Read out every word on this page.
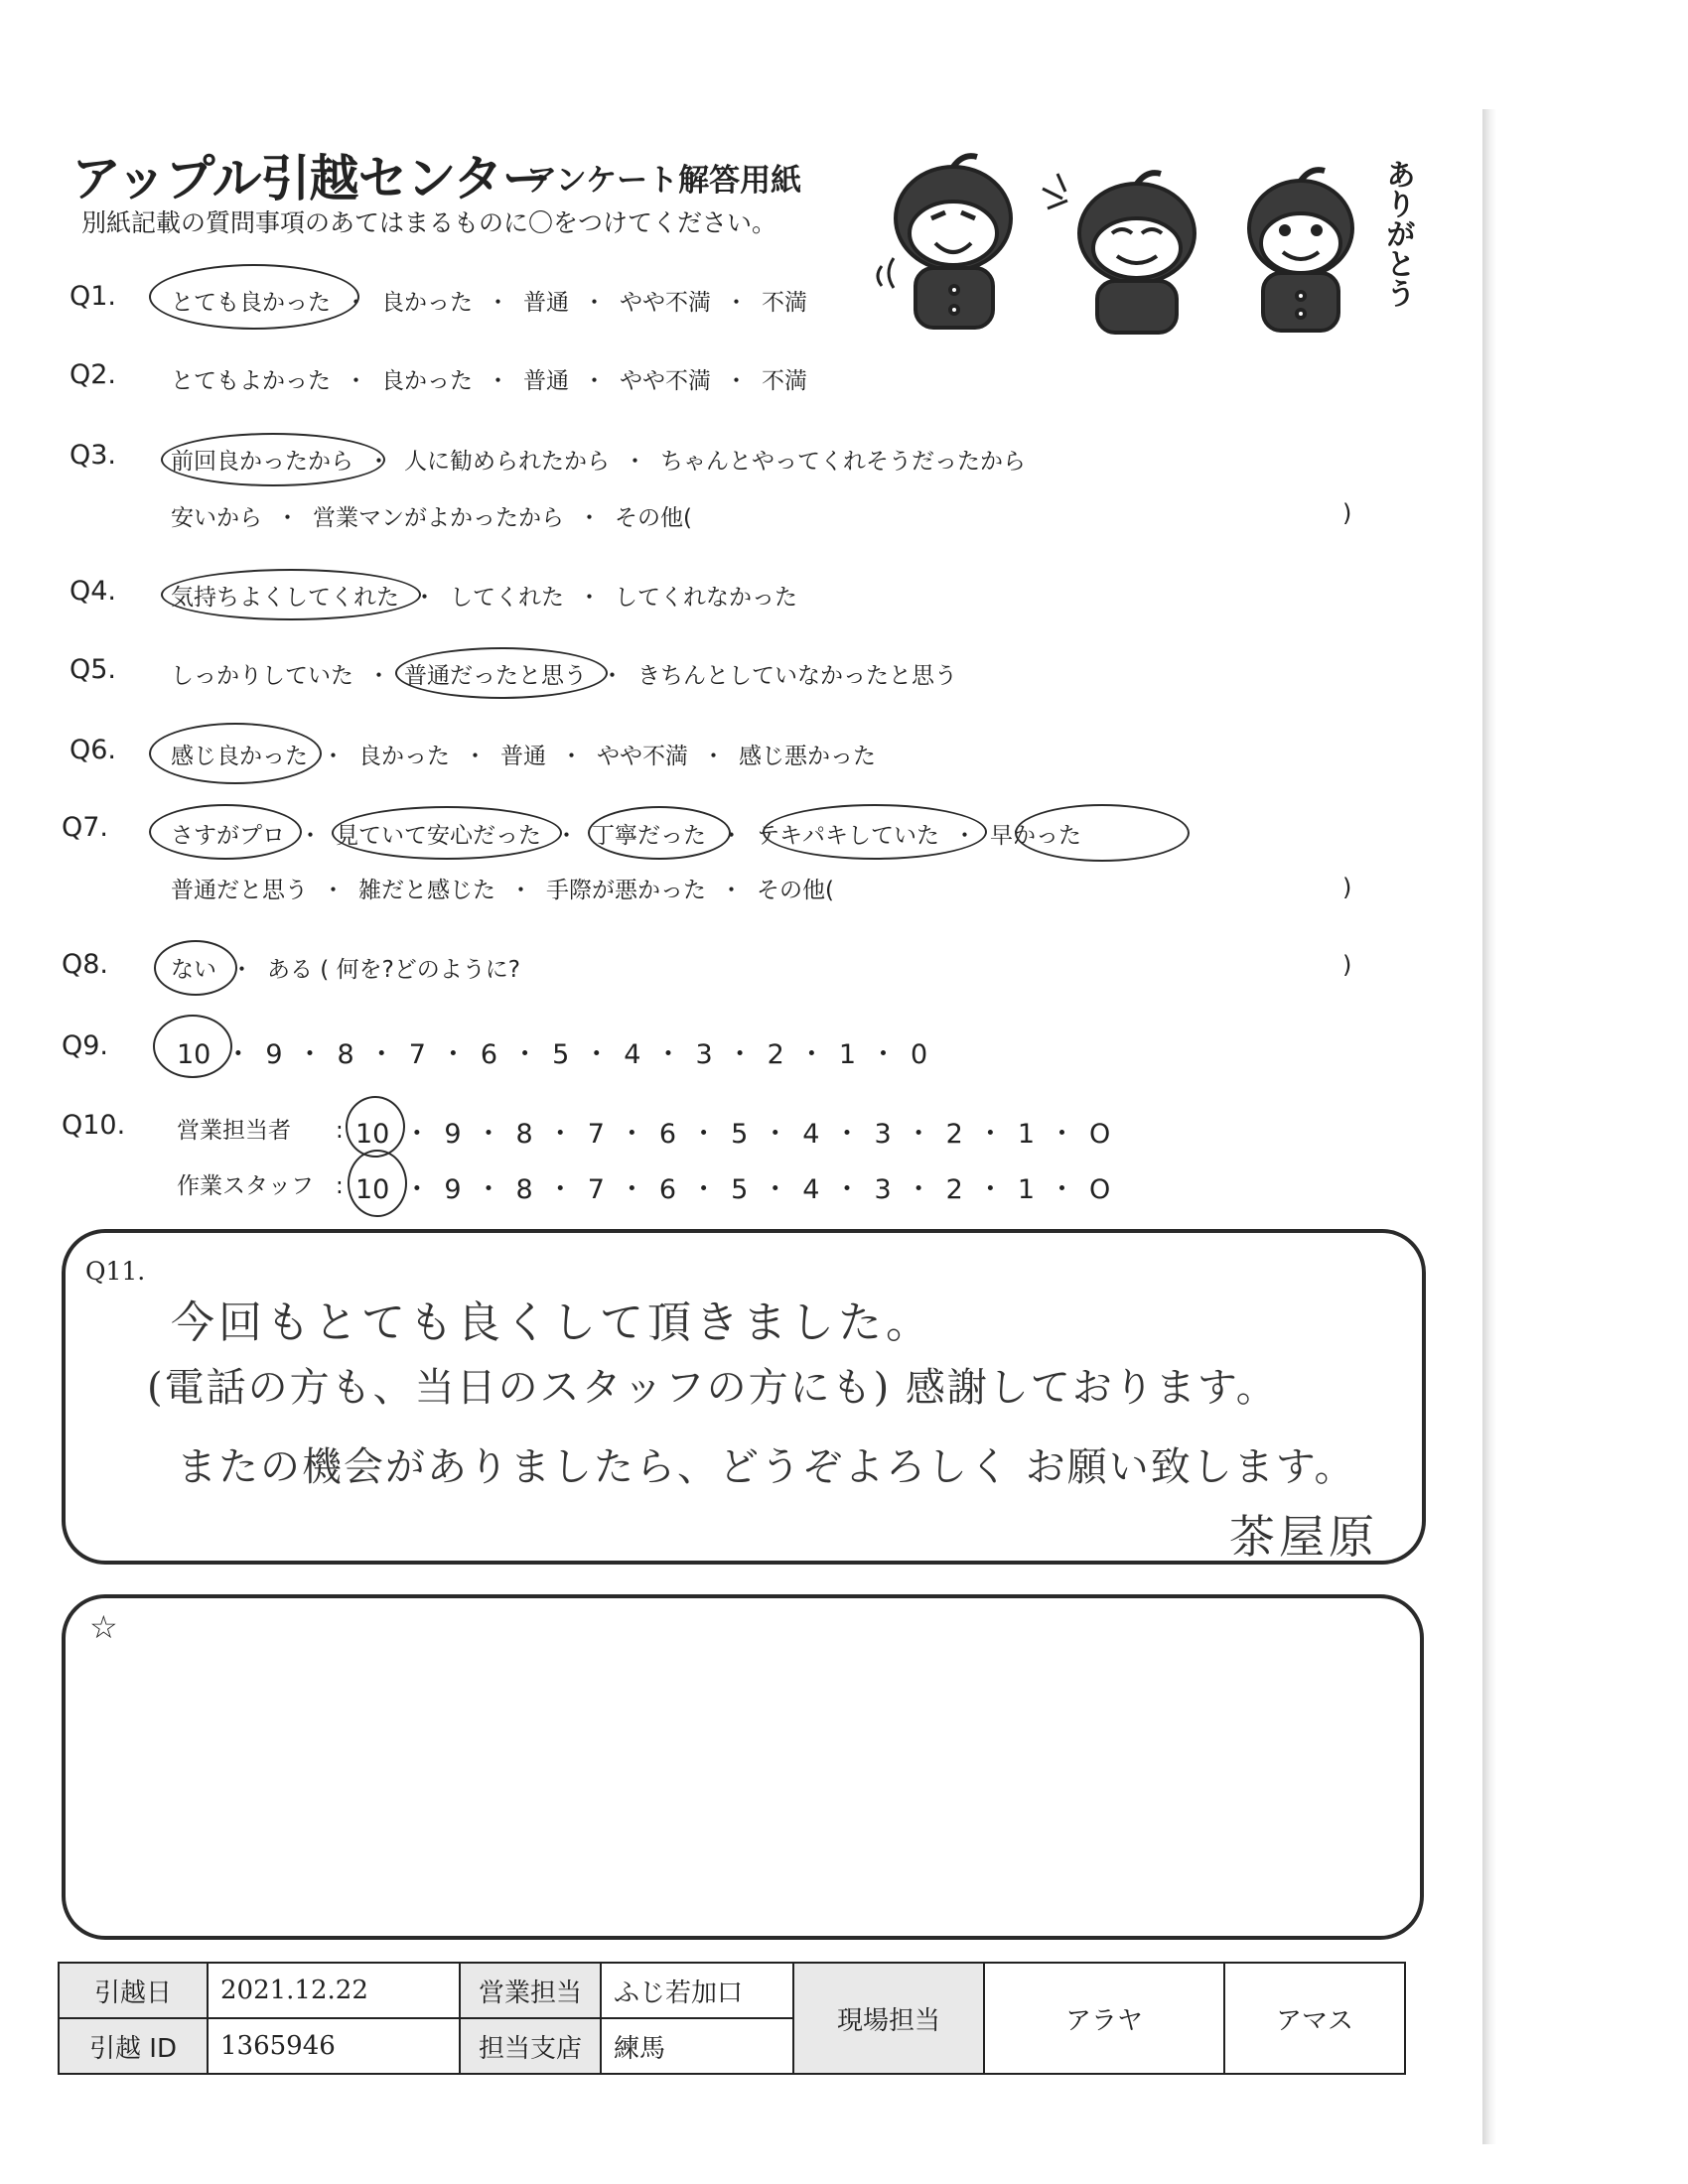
アップル引越センター
アンケート解答用紙
別紙記載の質問事項のあてはまるものに〇をつけてください。	ありがとう
Q1. とても良かった ・ 良かった ・ 普通 ・ やや不満 ・ 不満
Q2. とてもよかった ・ 良かった ・ 普通 ・ やや不満 ・ 不満
Q3. 前回良かったから ・ 人に勧められたから ・ ちゃんとやってくれそうだったから
安いから ・ 営業マンがよかったから ・ その他(	)
Q4. 気持ちよくしてくれた ・ してくれた ・ してくれなかった
Q5. しっかりしていた ・ 普通だったと思う ・ きちんとしていなかったと思う
Q6. 感じ良かった ・ 良かった ・ 普通 ・ やや不満 ・ 感じ悪かった
Q7.	さすがプロ ・ 見ていて安心だった ・ 丁寧だった ・ テキパキしていた ・ 早かった
普通だと思う ・ 雑だと感じた ・ 手際が悪かった ・ その他(	)
Q8.	ない ・ ある ( 何を?どのように?	)
Q9.	10 ・ 9 ・ 8 ・ 7 ・ 6 ・ 5 ・ 4 ・ 3 ・ 2 ・ 1 ・ 0
Q10. 営業担当者 : 10 ・ 9 ・ 8 ・ 7 ・ 6 ・ 5 ・ 4 ・ 3 ・ 2 ・ 1 ・ O
作業スタッフ : 10 ・ 9 ・ 8 ・ 7 ・ 6 ・ 5 ・ 4 ・ 3 ・ 2 ・ 1 ・ O
Q11.
今回もとても良くして頂きました。
(電話の方も、当日のスタッフの方にも) 感謝しております。
またの機会がありましたら、どうぞよろしく お願い致します。
茶屋原
☆
引越日	2021.12.22	営業担当	ふじ若加口	現場担当	アラヤ	アマス
引越 ID	1365946	担当支店	練馬			
